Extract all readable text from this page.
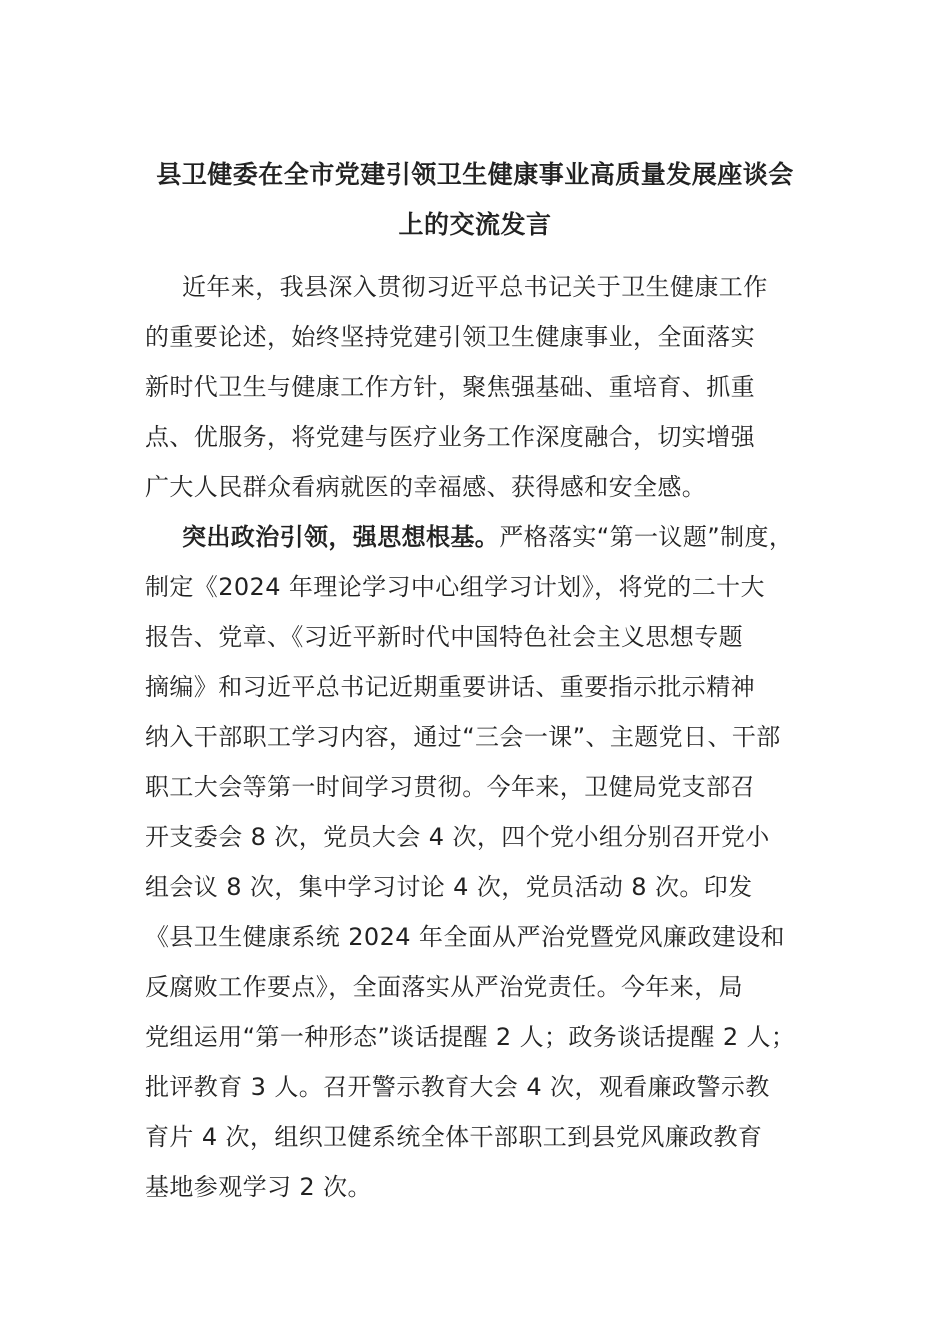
县卫健委在全市党建引领卫生健康事业高质量发展座谈会
上的交流发言
近年来，我县深入贯彻习近平总书记关于卫生健康工作
的重要论述，始终坚持党建引领卫生健康事业，全面落实
新时代卫生与健康工作方针，聚焦强基础、重培育、抓重
点、优服务，将党建与医疗业务工作深度融合，切实增强
广大人民群众看病就医的幸福感、获得感和安全感。
突出政治引领，强思想根基。严格落实“第一议题”制度，
制定《2024 年理论学习中心组学习计划》，将党的二十大
报告、党章、《习近平新时代中国特色社会主义思想专题
摘编》和习近平总书记近期重要讲话、重要指示批示精神
纳入干部职工学习内容，通过“三会一课”、主题党日、干部
职工大会等第一时间学习贯彻。今年来，卫健局党支部召
开支委会 8 次，党员大会 4 次，四个党小组分别召开党小
组会议 8 次，集中学习讨论 4 次，党员活动 8 次。印发
《县卫生健康系统 2024 年全面从严治党暨党风廉政建设和
反腐败工作要点》，全面落实从严治党责任。今年来，局
党组运用“第一种形态”谈话提醒 2 人；政务谈话提醒 2 人；
批评教育 3 人。召开警示教育大会 4 次，观看廉政警示教
育片 4 次，组织卫健系统全体干部职工到县党风廉政教育
基地参观学习 2 次。
